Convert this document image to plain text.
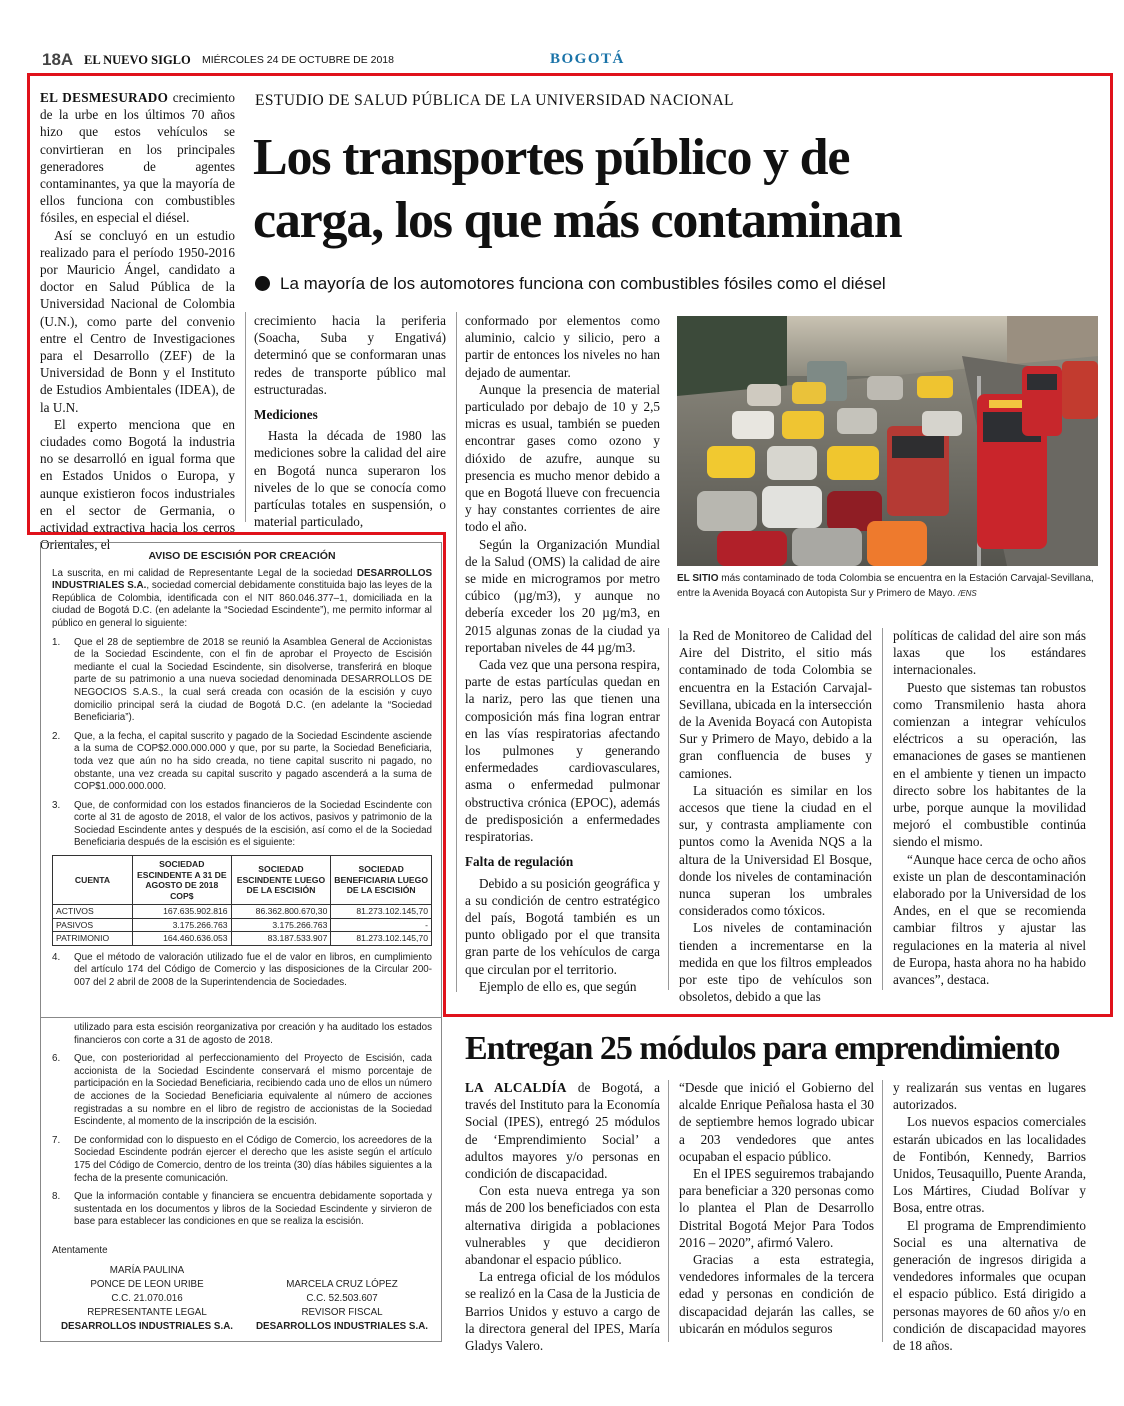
18A EL NUEVO SIGLO MIÉRCOLES 24 DE OCTUBRE DE 2018	BOGOTÁ
ESTUDIO DE SALUD PÚBLICA DE LA UNIVERSIDAD NACIONAL
Los transportes público y de
carga, los que más contaminan
La mayoría de los automotores funciona con combustibles fósiles como el diésel

EL DESMESURADO crecimiento de la urbe en los últimos 70 años hizo que estos vehículos se convirtieran en los principales generadores de agentes contaminantes, ya que la mayoría de ellos funciona con combustibles fósiles, en especial el diésel.

Así se concluyó en un estudio realizado para el período 1950-2016 por Mauricio Ángel, candidato a doctor en Salud Pública de la Universidad Nacional de Colombia (U.N.), como parte del convenio entre el Centro de Investigaciones para el Desarrollo (ZEF) de la Universidad de Bonn y el Instituto de Estudios Ambientales (IDEA), de la U.N.

El experto menciona que en ciudades como Bogotá la industria no se desarrolló en igual forma que en Estados Unidos o Europa, y aunque existieron focos industriales en el sector de Germania, o actividad extractiva hacia los cerros Orientales, el

crecimiento hacia la periferia (Soacha, Suba y Engativá) determinó que se conformaran unas redes de transporte público mal estructuradas.

Mediciones

Hasta la década de 1980 las mediciones sobre la calidad del aire en Bogotá nunca superaron los niveles de lo que se conocía como partículas totales en suspensión, o material particulado,

conformado por elementos como aluminio, calcio y silicio, pero a partir de entonces los niveles no han dejado de aumentar.

Aunque la presencia de material particulado por debajo de 10 y 2,5 micras es usual, también se pueden encontrar gases como ozono y dióxido de azufre, aunque su presencia es mucho menor debido a que en Bogotá llueve con frecuencia y hay constantes corrientes de aire todo el año.

Según la Organización Mundial de la Salud (OMS) la calidad de aire se mide en microgramos por metro cúbico (µg/m3), y aunque no debería exceder los 20 µg/m3, en 2015 algunas zonas de la ciudad ya reportaban niveles de 44 µg/m3.

Cada vez que una persona respira, parte de estas partículas quedan en la nariz, pero las que tienen una composición más fina logran entrar en las vías respiratorias afectando los pulmones y generando enfermedades cardiovasculares, asma o enfermedad pulmonar obstructiva crónica (EPOC), además de predisposición a enfermedades respiratorias.

Falta de regulación

Debido a su posición geográfica y a su condición de centro estratégico del país, Bogotá también es un punto obligado por el que transita gran parte de los vehículos de carga que circulan por el territorio.

Ejemplo de ello es, que según

EL SITIO más contaminado de toda Colombia se encuentra en la Estación Carvajal-Sevillana, entre la Avenida Boyacá con Autopista Sur y Primero de Mayo. /ENS

la Red de Monitoreo de Calidad del Aire del Distrito, el sitio más contaminado de toda Colombia se encuentra en la Estación Carvajal-Sevillana, ubicada en la intersección de la Avenida Boyacá con Autopista Sur y Primero de Mayo, debido a la gran confluencia de buses y camiones.

La situación es similar en los accesos que tiene la ciudad en el sur, y contrasta ampliamente con puntos como la Avenida NQS a la altura de la Universidad El Bosque, donde los niveles de contaminación nunca superan los umbrales considerados como tóxicos.

Los niveles de contaminación tienden a incrementarse en la medida en que los filtros empleados por este tipo de vehículos son obsoletos, debido a que las

políticas de calidad del aire son más laxas que los estándares internacionales.

Puesto que sistemas tan robustos como Transmilenio hasta ahora comienzan a integrar vehículos eléctricos a su operación, las emanaciones de gases se mantienen en el ambiente y tienen un impacto directo sobre los habitantes de la urbe, porque aunque la movilidad mejoró el combustible continúa siendo el mismo.

“Aunque hace cerca de ocho años existe un plan de descontaminación elaborado por la Universidad de los Andes, en el que se recomienda cambiar filtros y ajustar las regulaciones en la materia al nivel de Europa, hasta ahora no ha habido avances”, destaca.

AVISO DE ESCISIÓN POR CREACIÓN

La suscrita, en mi calidad de Representante Legal de la sociedad DESARROLLOS INDUSTRIALES S.A., sociedad comercial debidamente constituida bajo las leyes de la República de Colombia, identificada con el NIT 860.046.377–1, domiciliada en la ciudad de Bogotá D.C. (en adelante la “Sociedad Escindente”), me permito informar al público en general lo siguiente:

1. Que el 28 de septiembre de 2018 se reunió la Asamblea General de Accionistas de la Sociedad Escindente, con el fin de aprobar el Proyecto de Escisión mediante el cual la Sociedad Escindente, sin disolverse, transferirá en bloque parte de su patrimonio a una nueva sociedad denominada DESARROLLOS DE NEGOCIOS S.A.S., la cual será creada con ocasión de la escisión y cuyo domicilio principal será la ciudad de Bogotá D.C. (en adelante la “Sociedad Beneficiaria”).
2. Que, a la fecha, el capital suscrito y pagado de la Sociedad Escindente asciende a la suma de COP$2.000.000.000 y que, por su parte, la Sociedad Beneficiaria, toda vez que aún no ha sido creada, no tiene capital suscrito ni pagado, no obstante, una vez creada su capital suscrito y pagado ascenderá a la suma de COP$1.000.000.000.
3. Que, de conformidad con los estados financieros de la Sociedad Escindente con corte al 31 de agosto de 2018, el valor de los activos, pasivos y patrimonio de la Sociedad Escindente antes y después de la escisión, así como el de la Sociedad Beneficiaria después de la escisión es el siguiente:
CUENTA	SOCIEDAD ESCINDENTE A 31 DE AGOSTO DE 2018 COP$	SOCIEDAD ESCINDENTE LUEGO DE LA ESCISIÓN	SOCIEDAD BENEFICIARIA LUEGO DE LA ESCISIÓN
ACTIVOS	167.635.902.816	86.362.800.670,30	81.273.102.145,70
PASIVOS	3.175.266.763	3.175.266.763	-
PATRIMONIO	164.460.636.053	83.187.533.907	81.273.102.145,70
4. Que el método de valoración utilizado fue el de valor en libros, en cumplimiento del artículo 174 del Código de Comercio y las disposiciones de la Circular 200-007 del 2 abril de 2008 de la Superintendencia de Sociedades.

utilizado para esta escisión reorganizativa por creación y ha auditado los estados financieros con corte a 31 de agosto de 2018.

6. Que, con posterioridad al perfeccionamiento del Proyecto de Escisión, cada accionista de la Sociedad Escindente conservará el mismo porcentaje de participación en la Sociedad Beneficiaria, recibiendo cada uno de ellos un número de acciones de la Sociedad Beneficiaria equivalente al número de acciones registradas a su nombre en el libro de registro de accionistas de la Sociedad Escindente, al momento de la inscripción de la escisión.
7. De conformidad con lo dispuesto en el Código de Comercio, los acreedores de la Sociedad Escindente podrán ejercer el derecho que les asiste según el artículo 175 del Código de Comercio, dentro de los treinta (30) días hábiles siguientes a la fecha de la presente comunicación.
8. Que la información contable y financiera se encuentra debidamente soportada y sustentada en los documentos y libros de la Sociedad Escindente y sirvieron de base para establecer las condiciones en que se realiza la escisión.
Atentamente
MARÍA PAULINA
PONCE DE LEON URIBE
C.C. 21.070.016
REPRESENTANTE LEGAL
DESARROLLOS INDUSTRIALES S.A.
MARCELA CRUZ LÓPEZ
C.C. 52.503.607
REVISOR FISCAL
DESARROLLOS INDUSTRIALES S.A.
Entregan 25 módulos para emprendimiento

LA ALCALDÍA de Bogotá, a través del Instituto para la Economía Social (IPES), entregó 25 módulos de ‘Emprendimiento Social’ a adultos mayores y/o personas en condición de discapacidad.

Con esta nueva entrega ya son más de 200 los beneficiados con esta alternativa dirigida a poblaciones vulnerables y que decidieron abandonar el espacio público.

La entrega oficial de los módulos se realizó en la Casa de la Justicia de Barrios Unidos y estuvo a cargo de la directora general del IPES, María Gladys Valero.

“Desde que inició el Gobierno del alcalde Enrique Peñalosa hasta el 30 de septiembre hemos logrado ubicar a 203 vendedores que antes ocupaban el espacio público.

En el IPES seguiremos trabajando para beneficiar a 320 personas como lo plantea el Plan de Desarrollo Distrital Bogotá Mejor Para Todos 2016 – 2020”, afirmó Valero.

Gracias a esta estrategia, vendedores informales de la tercera edad y personas en condición de discapacidad dejarán las calles, se ubicarán en módulos seguros

y realizarán sus ventas en lugares autorizados.

Los nuevos espacios comerciales estarán ubicados en las localidades de Fontibón, Kennedy, Barrios Unidos, Teusaquillo, Puente Aranda, Los Mártires, Ciudad Bolívar y Bosa, entre otras.

El programa de Emprendimiento Social es una alternativa de generación de ingresos dirigida a vendedores informales que ocupan el espacio público. Está dirigido a personas mayores de 60 años y/o en condición de discapacidad mayores de 18 años.
